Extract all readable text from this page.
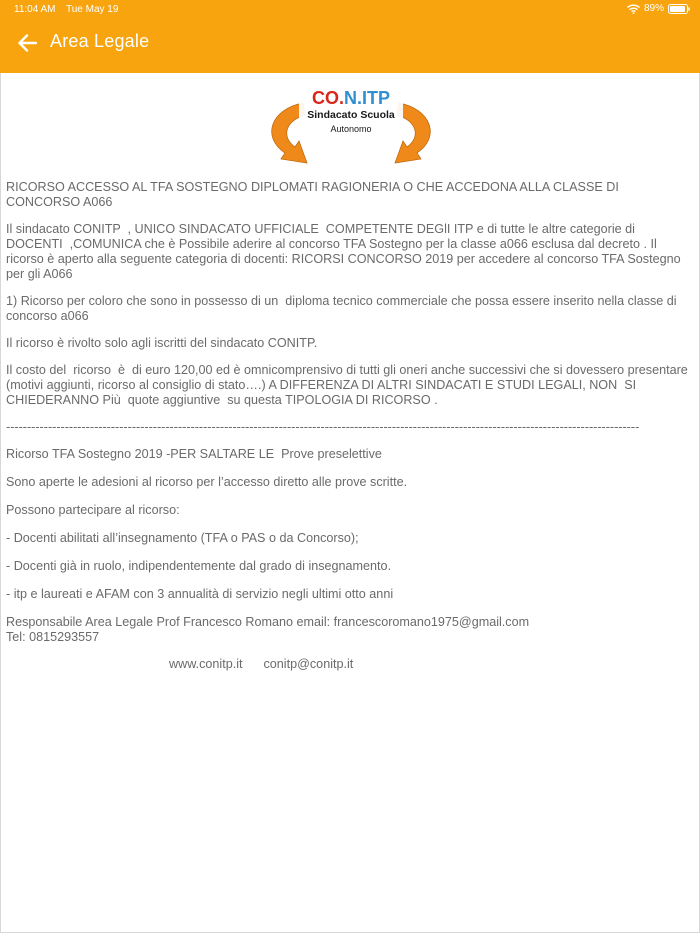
11:04 AM Tue May 19	89%
Area Legale
CO.N.ITP
Sindacato Scuola
Autonomo

RICORSO ACCESSO AL TFA SOSTEGNO DIPLOMATI RAGIONERIA O CHE ACCEDONA ALLA CLASSE DI CONCORSO A066

Il sindacato CONITP  , UNICO SINDACATO UFFICIALE  COMPETENTE DEGlI ITP e di tutte le altre categorie di DOCENTI  ,COMUNICA che è Possibile aderire al concorso TFA Sostegno per la classe a066 esclusa dal decreto . Il  ricorso è aperto alla seguente categoria di docenti: RICORSI CONCORSO 2019 per accedere al concorso TFA Sostegno per gli A066

1) Ricorso per coloro che sono in possesso di un  diploma tecnico commerciale che possa essere inserito nella classe di concorso a066

Il ricorso è rivolto solo agli iscritti del sindacato CONITP.

Il costo del  ricorso  è  di euro 120,00 ed è omnicomprensivo di tutti gli oneri anche successivi che si dovessero presentare (motivi aggiunti, ricorso al consiglio di stato….) A DIFFERENZA DI ALTRI SINDACATI E STUDI LEGALI, NON  SI CHIEDERANNO Più  quote aggiuntive  su questa TIPOLOGIA DI RICORSO .

-------------------------------------------------------------------------------------------------------------------------------------------------------

Ricorso TFA Sostegno 2019 -PER SALTARE LE  Prove preselettive

Sono aperte le adesioni al ricorso per l’accesso diretto alle prove scritte.

Possono partecipare al ricorso:

- Docenti abilitati all’insegnamento (TFA o PAS o da Concorso);

- Docenti già in ruolo, indipendentemente dal grado di insegnamento.

- itp e laureati e AFAM con 3 annualità di servizio negli ultimi otto anni

Responsabile Area Legale Prof Francesco Romano email: francescoromano1975@gmail.com
Tel: 0815293557

www.conitp.it conitp@conitp.it
